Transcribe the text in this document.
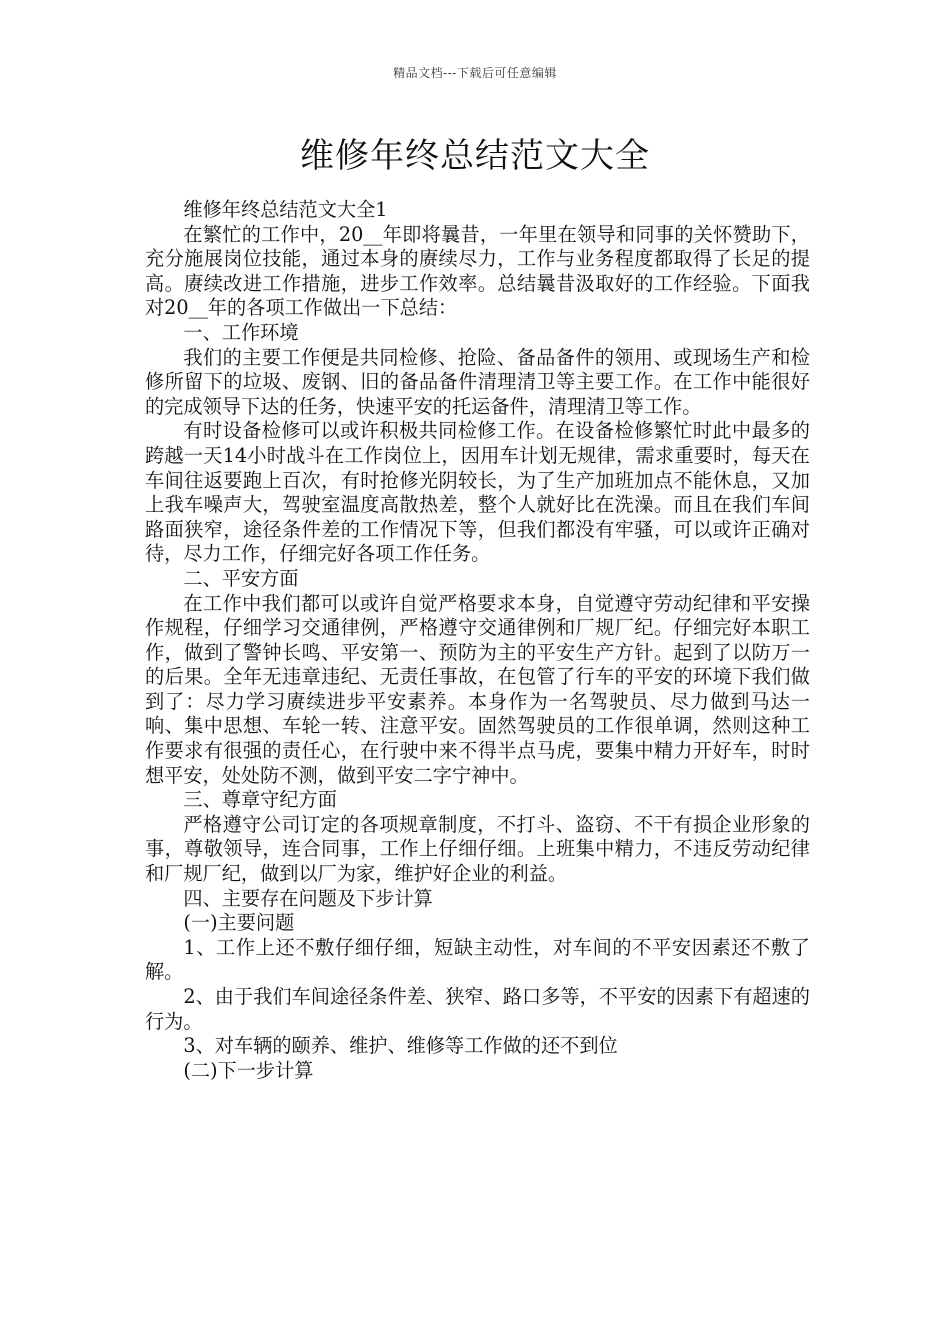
精品文档---下载后可任意编辑
维修年终总结范文大全

维修年终总结范文大全1

在繁忙的工作中，20__年即将曩昔，一年里在领导和同事的关怀赞助下，充分施展岗位技能，通过本身的赓续尽力，工作与业务程度都取得了长足的提高。赓续改进工作措施，进步工作效率。总结曩昔汲取好的工作经验。下面我对20__年的各项工作做出一下总结：

一、工作环境

我们的主要工作便是共同检修、抢险、备品备件的领用、或现场生产和检修所留下的垃圾、废钢、旧的备品备件清理清卫等主要工作。在工作中能很好的完成领导下达的任务，快速平安的托运备件，清理清卫等工作。

有时设备检修可以或许积极共同检修工作。在设备检修繁忙时此中最多的跨越一天14小时战斗在工作岗位上，因用车计划无规律，需求重要时，每天在车间往返要跑上百次，有时抢修光阴较长，为了生产加班加点不能休息，又加上我车噪声大，驾驶室温度高散热差，整个人就好比在洗澡。而且在我们车间路面狭窄，途径条件差的工作情况下等，但我们都没有牢骚，可以或许正确对待，尽力工作，仔细完好各项工作任务。

二、平安方面

在工作中我们都可以或许自觉严格要求本身，自觉遵守劳动纪律和平安操作规程，仔细学习交通律例，严格遵守交通律例和厂规厂纪。仔细完好本职工作，做到了警钟长鸣、平安第一、预防为主的平安生产方针。起到了以防万一的后果。全年无违章违纪、无责任事故，在包管了行车的平安的环境下我们做到了：尽力学习赓续进步平安素养。本身作为一名驾驶员、尽力做到马达一响、集中思想、车轮一转、注意平安。固然驾驶员的工作很单调，然则这种工作要求有很强的责任心，在行驶中来不得半点马虎，要集中精力开好车，时时想平安，处处防不测，做到平安二字宁神中。

三、尊章守纪方面

严格遵守公司订定的各项规章制度，不打斗、盗窃、不干有损企业形象的事，尊敬领导，连合同事，工作上仔细仔细。上班集中精力，不违反劳动纪律和厂规厂纪，做到以厂为家，维护好企业的利益。

四、主要存在问题及下步计算

(一)主要问题

1、工作上还不敷仔细仔细，短缺主动性，对车间的不平安因素还不敷了解。

2、由于我们车间途径条件差、狭窄、路口多等，不平安的因素下有超速的行为。

3、对车辆的颐养、维护、维修等工作做的还不到位

(二)下一步计算
